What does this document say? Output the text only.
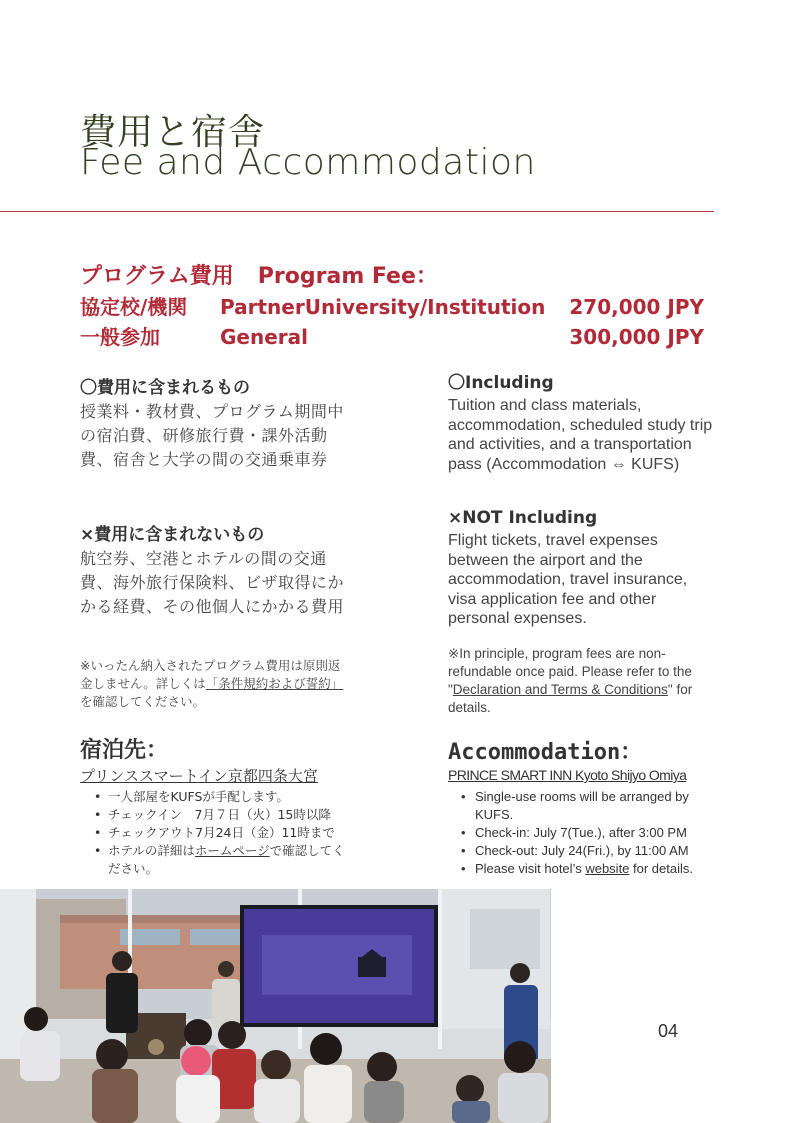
費用と宿舎
Fee and Accommodation
プログラム費用 Program Fee：
協定校/機関 PartnerUniversity/Institution 270,000 JPY
一般参加	General	300,000 JPY
〇費用に含まれるもの
授業料・教材費、プログラム期間中の宿泊費、研修旅行費・課外活動費、宿舎と大学の間の交通乗車券
×費用に含まれないもの
航空券、空港とホテルの間の交通費、海外旅行保険料、ビザ取得にかかる経費、その他個人にかかる費用
※いったん納入されたプログラム費用は原則返金しません。詳しくは「条件規約および誓約」を確認してください。
〇Including
Tuition and class materials, accommodation, scheduled study trip and activities, and a transportation pass (Accommodation ⇔ KUFS)
×NOT Including
Flight tickets, travel expenses between the airport and the accommodation, travel insurance, visa application fee and other personal expenses.
※In principle, program fees are non-refundable once paid. Please refer to the "Declaration and Terms & Conditions" for details.
宿泊先：	Accommodation：
プリンススマートイン京都四条大宮	PRINCE SMART INN Kyoto Shijyo Omiya
• 一人部屋をKUFSが手配します。
• チェックイン　7月７日（火）15時以降
• チェックアウト7月24日（金）11時まで
• ホテルの詳細はホームページで確認してください。
• Single-use rooms will be arranged by KUFS.
• Check-in: July 7(Tue.), after 3:00 PM
• Check-out: July 24(Fri.), by 11:00 AM
• Please visit hotel’s website for details.
04
